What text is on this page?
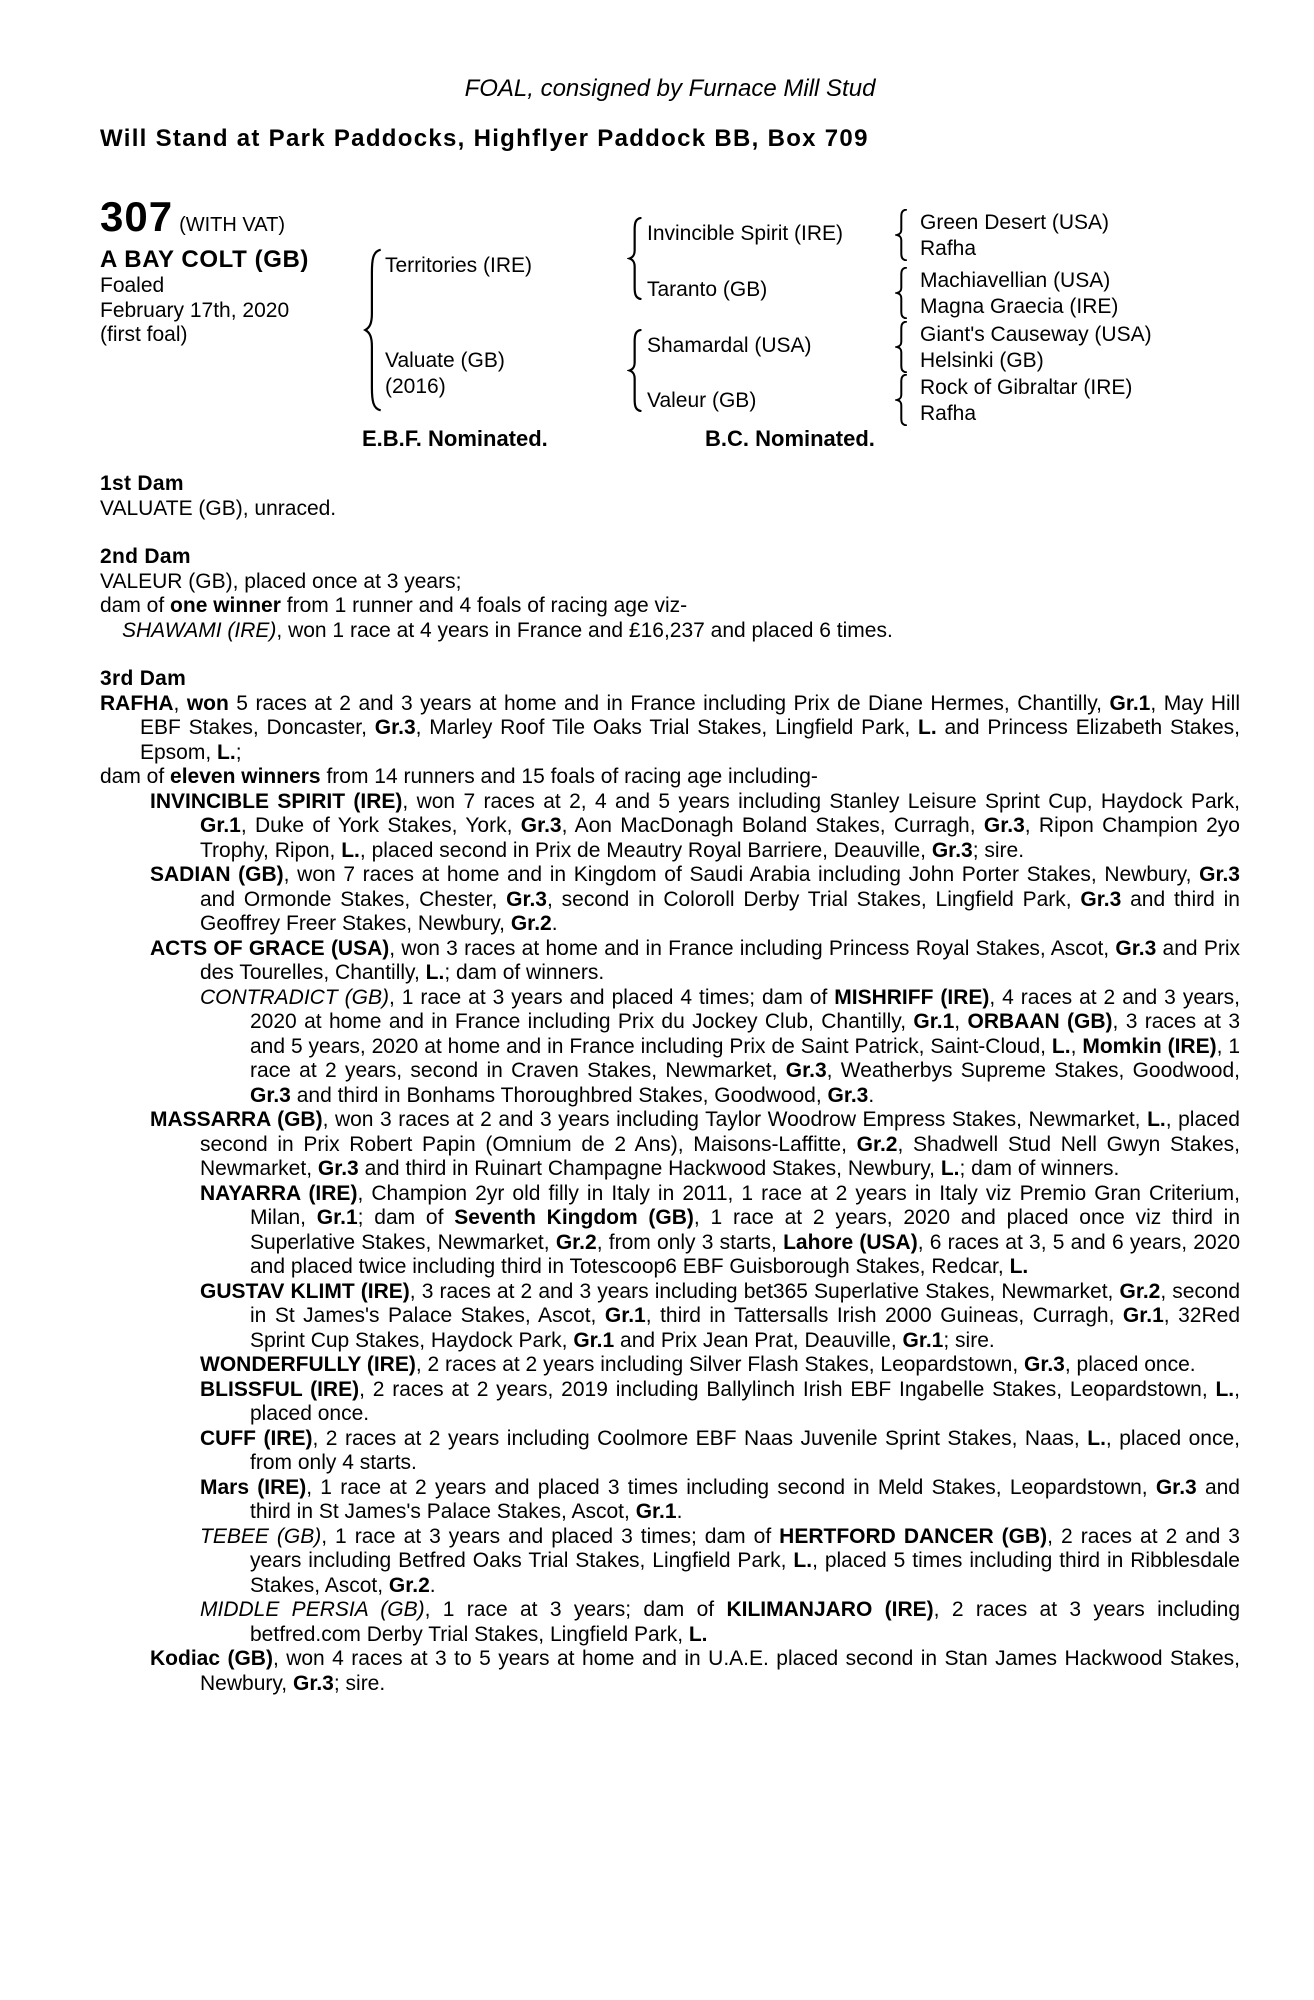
FOAL, consigned by Furnace Mill Stud
Will Stand at Park Paddocks, Highflyer Paddock BB, Box 709
307 (WITH VAT)
A BAY COLT (GB)
Foaled
February 17th, 2020
(first foal)
Territories (IRE)
Valuate (GB)
(2016)
Invincible Spirit (IRE)
Taranto (GB)
Shamardal (USA)
Valeur (GB)
Green Desert (USA)
Rafha
Machiavellian (USA)
Magna Graecia (IRE)
Giant's Causeway (USA)
Helsinki (GB)
Rock of Gibraltar (IRE)
Rafha
E.B.F. Nominated.	B.C. Nominated.
1st Dam

VALUATE (GB), unraced.

2nd Dam

VALEUR (GB), placed once at 3 years;

dam of one winner from 1 runner and 4 foals of racing age viz-

SHAWAMI (IRE), won 1 race at 4 years in France and £16,237 and placed 6 times.

3rd Dam

RAFHA, won 5 races at 2 and 3 years at home and in France including Prix de Diane Hermes, Chantilly, Gr.1, May Hill EBF Stakes, Doncaster, Gr.3, Marley Roof Tile Oaks Trial Stakes, Lingfield Park, L. and Princess Elizabeth Stakes, Epsom, L.;

dam of eleven winners from 14 runners and 15 foals of racing age including-

INVINCIBLE SPIRIT (IRE), won 7 races at 2, 4 and 5 years including Stanley Leisure Sprint Cup, Haydock Park, Gr.1, Duke of York Stakes, York, Gr.3, Aon MacDonagh Boland Stakes, Curragh, Gr.3, Ripon Champion 2yo Trophy, Ripon, L., placed second in Prix de Meautry Royal Barriere, Deauville, Gr.3; sire.

SADIAN (GB), won 7 races at home and in Kingdom of Saudi Arabia including John Porter Stakes, Newbury, Gr.3 and Ormonde Stakes, Chester, Gr.3, second in Coloroll Derby Trial Stakes, Lingfield Park, Gr.3 and third in Geoffrey Freer Stakes, Newbury, Gr.2.

ACTS OF GRACE (USA), won 3 races at home and in France including Princess Royal Stakes, Ascot, Gr.3 and Prix des Tourelles, Chantilly, L.; dam of winners.

CONTRADICT (GB), 1 race at 3 years and placed 4 times; dam of MISHRIFF (IRE), 4 races at 2 and 3 years, 2020 at home and in France including Prix du Jockey Club, Chantilly, Gr.1, ORBAAN (GB), 3 races at 3 and 5 years, 2020 at home and in France including Prix de Saint Patrick, Saint-Cloud, L., Momkin (IRE), 1 race at 2 years, second in Craven Stakes, Newmarket, Gr.3, Weatherbys Supreme Stakes, Goodwood, Gr.3 and third in Bonhams Thoroughbred Stakes, Goodwood, Gr.3.

MASSARRA (GB), won 3 races at 2 and 3 years including Taylor Woodrow Empress Stakes, Newmarket, L., placed second in Prix Robert Papin (Omnium de 2 Ans), Maisons-Laffitte, Gr.2, Shadwell Stud Nell Gwyn Stakes, Newmarket, Gr.3 and third in Ruinart Champagne Hackwood Stakes, Newbury, L.; dam of winners.

NAYARRA (IRE), Champion 2yr old filly in Italy in 2011, 1 race at 2 years in Italy viz Premio Gran Criterium, Milan, Gr.1; dam of Seventh Kingdom (GB), 1 race at 2 years, 2020 and placed once viz third in Superlative Stakes, Newmarket, Gr.2, from only 3 starts, Lahore (USA), 6 races at 3, 5 and 6 years, 2020 and placed twice including third in Totescoop6 EBF Guisborough Stakes, Redcar, L.

GUSTAV KLIMT (IRE), 3 races at 2 and 3 years including bet365 Superlative Stakes, Newmarket, Gr.2, second in St James's Palace Stakes, Ascot, Gr.1, third in Tattersalls Irish 2000 Guineas, Curragh, Gr.1, 32Red Sprint Cup Stakes, Haydock Park, Gr.1 and Prix Jean Prat, Deauville, Gr.1; sire.

WONDERFULLY (IRE), 2 races at 2 years including Silver Flash Stakes, Leopardstown, Gr.3, placed once.

BLISSFUL (IRE), 2 races at 2 years, 2019 including Ballylinch Irish EBF Ingabelle Stakes, Leopardstown, L., placed once.

CUFF (IRE), 2 races at 2 years including Coolmore EBF Naas Juvenile Sprint Stakes, Naas, L., placed once, from only 4 starts.

Mars (IRE), 1 race at 2 years and placed 3 times including second in Meld Stakes, Leopardstown, Gr.3 and third in St James's Palace Stakes, Ascot, Gr.1.

TEBEE (GB), 1 race at 3 years and placed 3 times; dam of HERTFORD DANCER (GB), 2 races at 2 and 3 years including Betfred Oaks Trial Stakes, Lingfield Park, L., placed 5 times including third in Ribblesdale Stakes, Ascot, Gr.2.

MIDDLE PERSIA (GB), 1 race at 3 years; dam of KILIMANJARO (IRE), 2 races at 3 years including betfred.com Derby Trial Stakes, Lingfield Park, L.

Kodiac (GB), won 4 races at 3 to 5 years at home and in U.A.E. placed second in Stan James Hackwood Stakes, Newbury, Gr.3; sire.
